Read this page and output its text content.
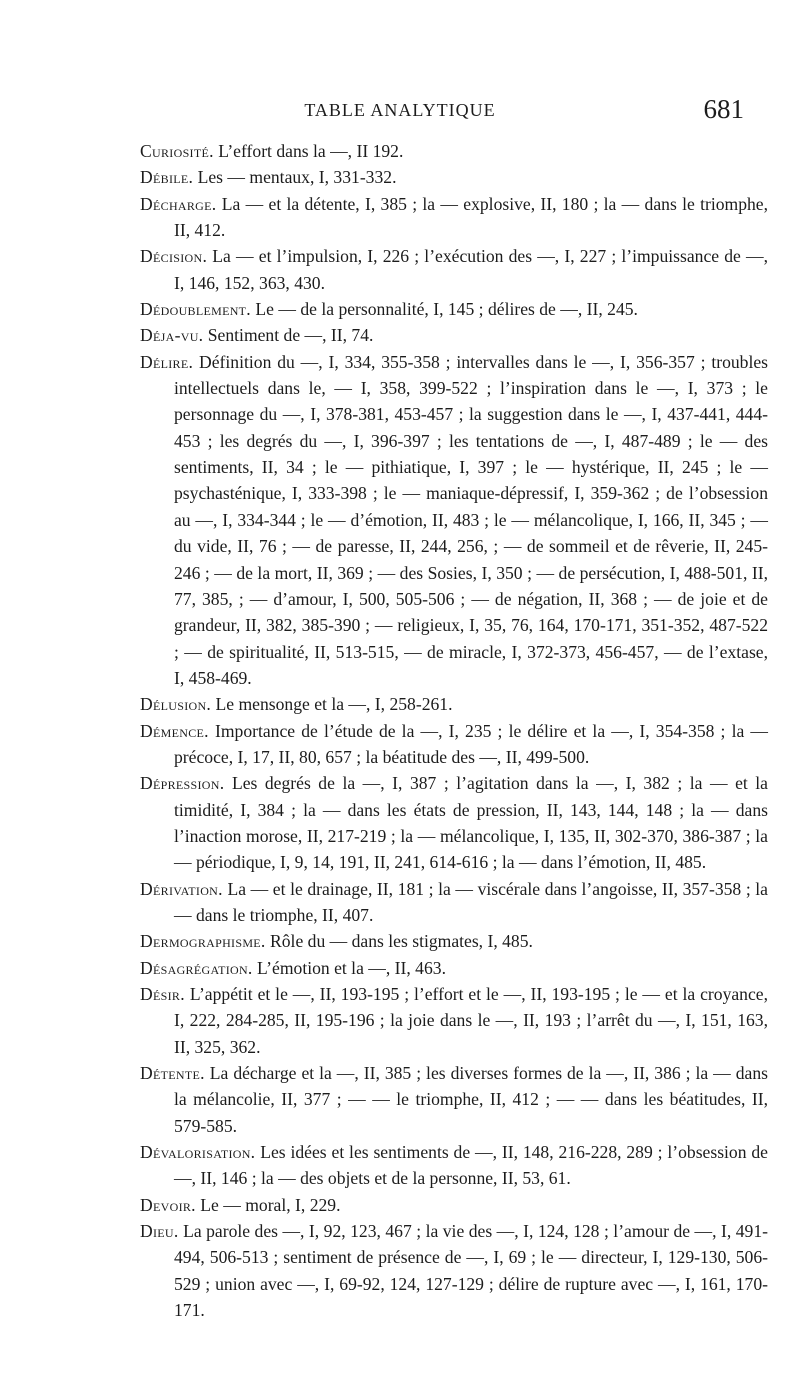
TABLE ANALYTIQUE	681

Curiosité. L’effort dans la —, II 192.

Débile. Les — mentaux, I, 331-332.

Décharge. La — et la détente, I, 385 ; la — explosive, II, 180 ; la — dans le triomphe, II, 412.

Décision. La — et l’impulsion, I, 226 ; l’exécution des —, I, 227 ; l’impuissance de —, I, 146, 152, 363, 430.

Dédoublement. Le — de la personnalité, I, 145 ; délires de —, II, 245.

Déja-vu. Sentiment de —, II, 74.

Délire. Définition du —, I, 334, 355-358 ; intervalles dans le —, I, 356-357 ; troubles intellectuels dans le, — I, 358, 399-522 ; l’inspiration dans le —, I, 373 ; le personnage du —, I, 378-381, 453-457 ; la suggestion dans le —, I, 437-441, 444-453 ; les degrés du —, I, 396-397 ; les tentations de —, I, 487-489 ; le — des sentiments, II, 34 ; le — pithiatique, I, 397 ; le — hystérique, II, 245 ; le — psychasténique, I, 333-398 ; le — maniaque-dépressif, I, 359-362 ; de l’obsession au —, I, 334-344 ; le — d’émotion, II, 483 ; le — mélancolique, I, 166, II, 345 ; — du vide, II, 76 ; — de paresse, II, 244, 256, ; — de sommeil et de rêverie, II, 245-246 ; — de la mort, II, 369 ; — des Sosies, I, 350 ; — de persécution, I, 488-501, II, 77, 385, ; — d’amour, I, 500, 505-506 ; — de négation, II, 368 ; — de joie et de grandeur, II, 382, 385-390 ; — religieux, I, 35, 76, 164, 170-171, 351-352, 487-522 ; — de spiritualité, II, 513-515, — de miracle, I, 372-373, 456-457, — de l’extase, I, 458-469.

Délusion. Le mensonge et la —, I, 258-261.

Démence. Importance de l’étude de la —, I, 235 ; le délire et la —, I, 354-358 ; la — précoce, I, 17, II, 80, 657 ; la béatitude des —, II, 499-500.

Dépression. Les degrés de la —, I, 387 ; l’agitation dans la —, I, 382 ; la — et la timidité, I, 384 ; la — dans les états de pression, II, 143, 144, 148 ; la — dans l’inaction morose, II, 217-219 ; la — mélancolique, I, 135, II, 302-370, 386-387 ; la — périodique, I, 9, 14, 191, II, 241, 614-616 ; la — dans l’émotion, II, 485.

Dérivation. La — et le drainage, II, 181 ; la — viscérale dans l’angoisse, II, 357-358 ; la — dans le triomphe, II, 407.

Dermographisme. Rôle du — dans les stigmates, I, 485.

Désagrégation. L’émotion et la —, II, 463.

Désir. L’appétit et le —, II, 193-195 ; l’effort et le —, II, 193-195 ; le — et la croyance, I, 222, 284-285, II, 195-196 ; la joie dans le —, II, 193 ; l’arrêt du —, I, 151, 163, II, 325, 362.

Détente. La décharge et la —, II, 385 ; les diverses formes de la —, II, 386 ; la — dans la mélancolie, II, 377 ; — — le triomphe, II, 412 ; — — dans les béatitudes, II, 579-585.

Dévalorisation. Les idées et les sentiments de —, II, 148, 216-228, 289 ; l’obsession de —, II, 146 ; la — des objets et de la personne, II, 53, 61.

Devoir. Le — moral, I, 229.

Dieu. La parole des —, I, 92, 123, 467 ; la vie des —, I, 124, 128 ; l’amour de —, I, 491-494, 506-513 ; sentiment de présence de —, I, 69 ; le — directeur, I, 129-130, 506-529 ; union avec —, I, 69-92, 124, 127-129 ; délire de rupture avec —, I, 161, 170-171.
